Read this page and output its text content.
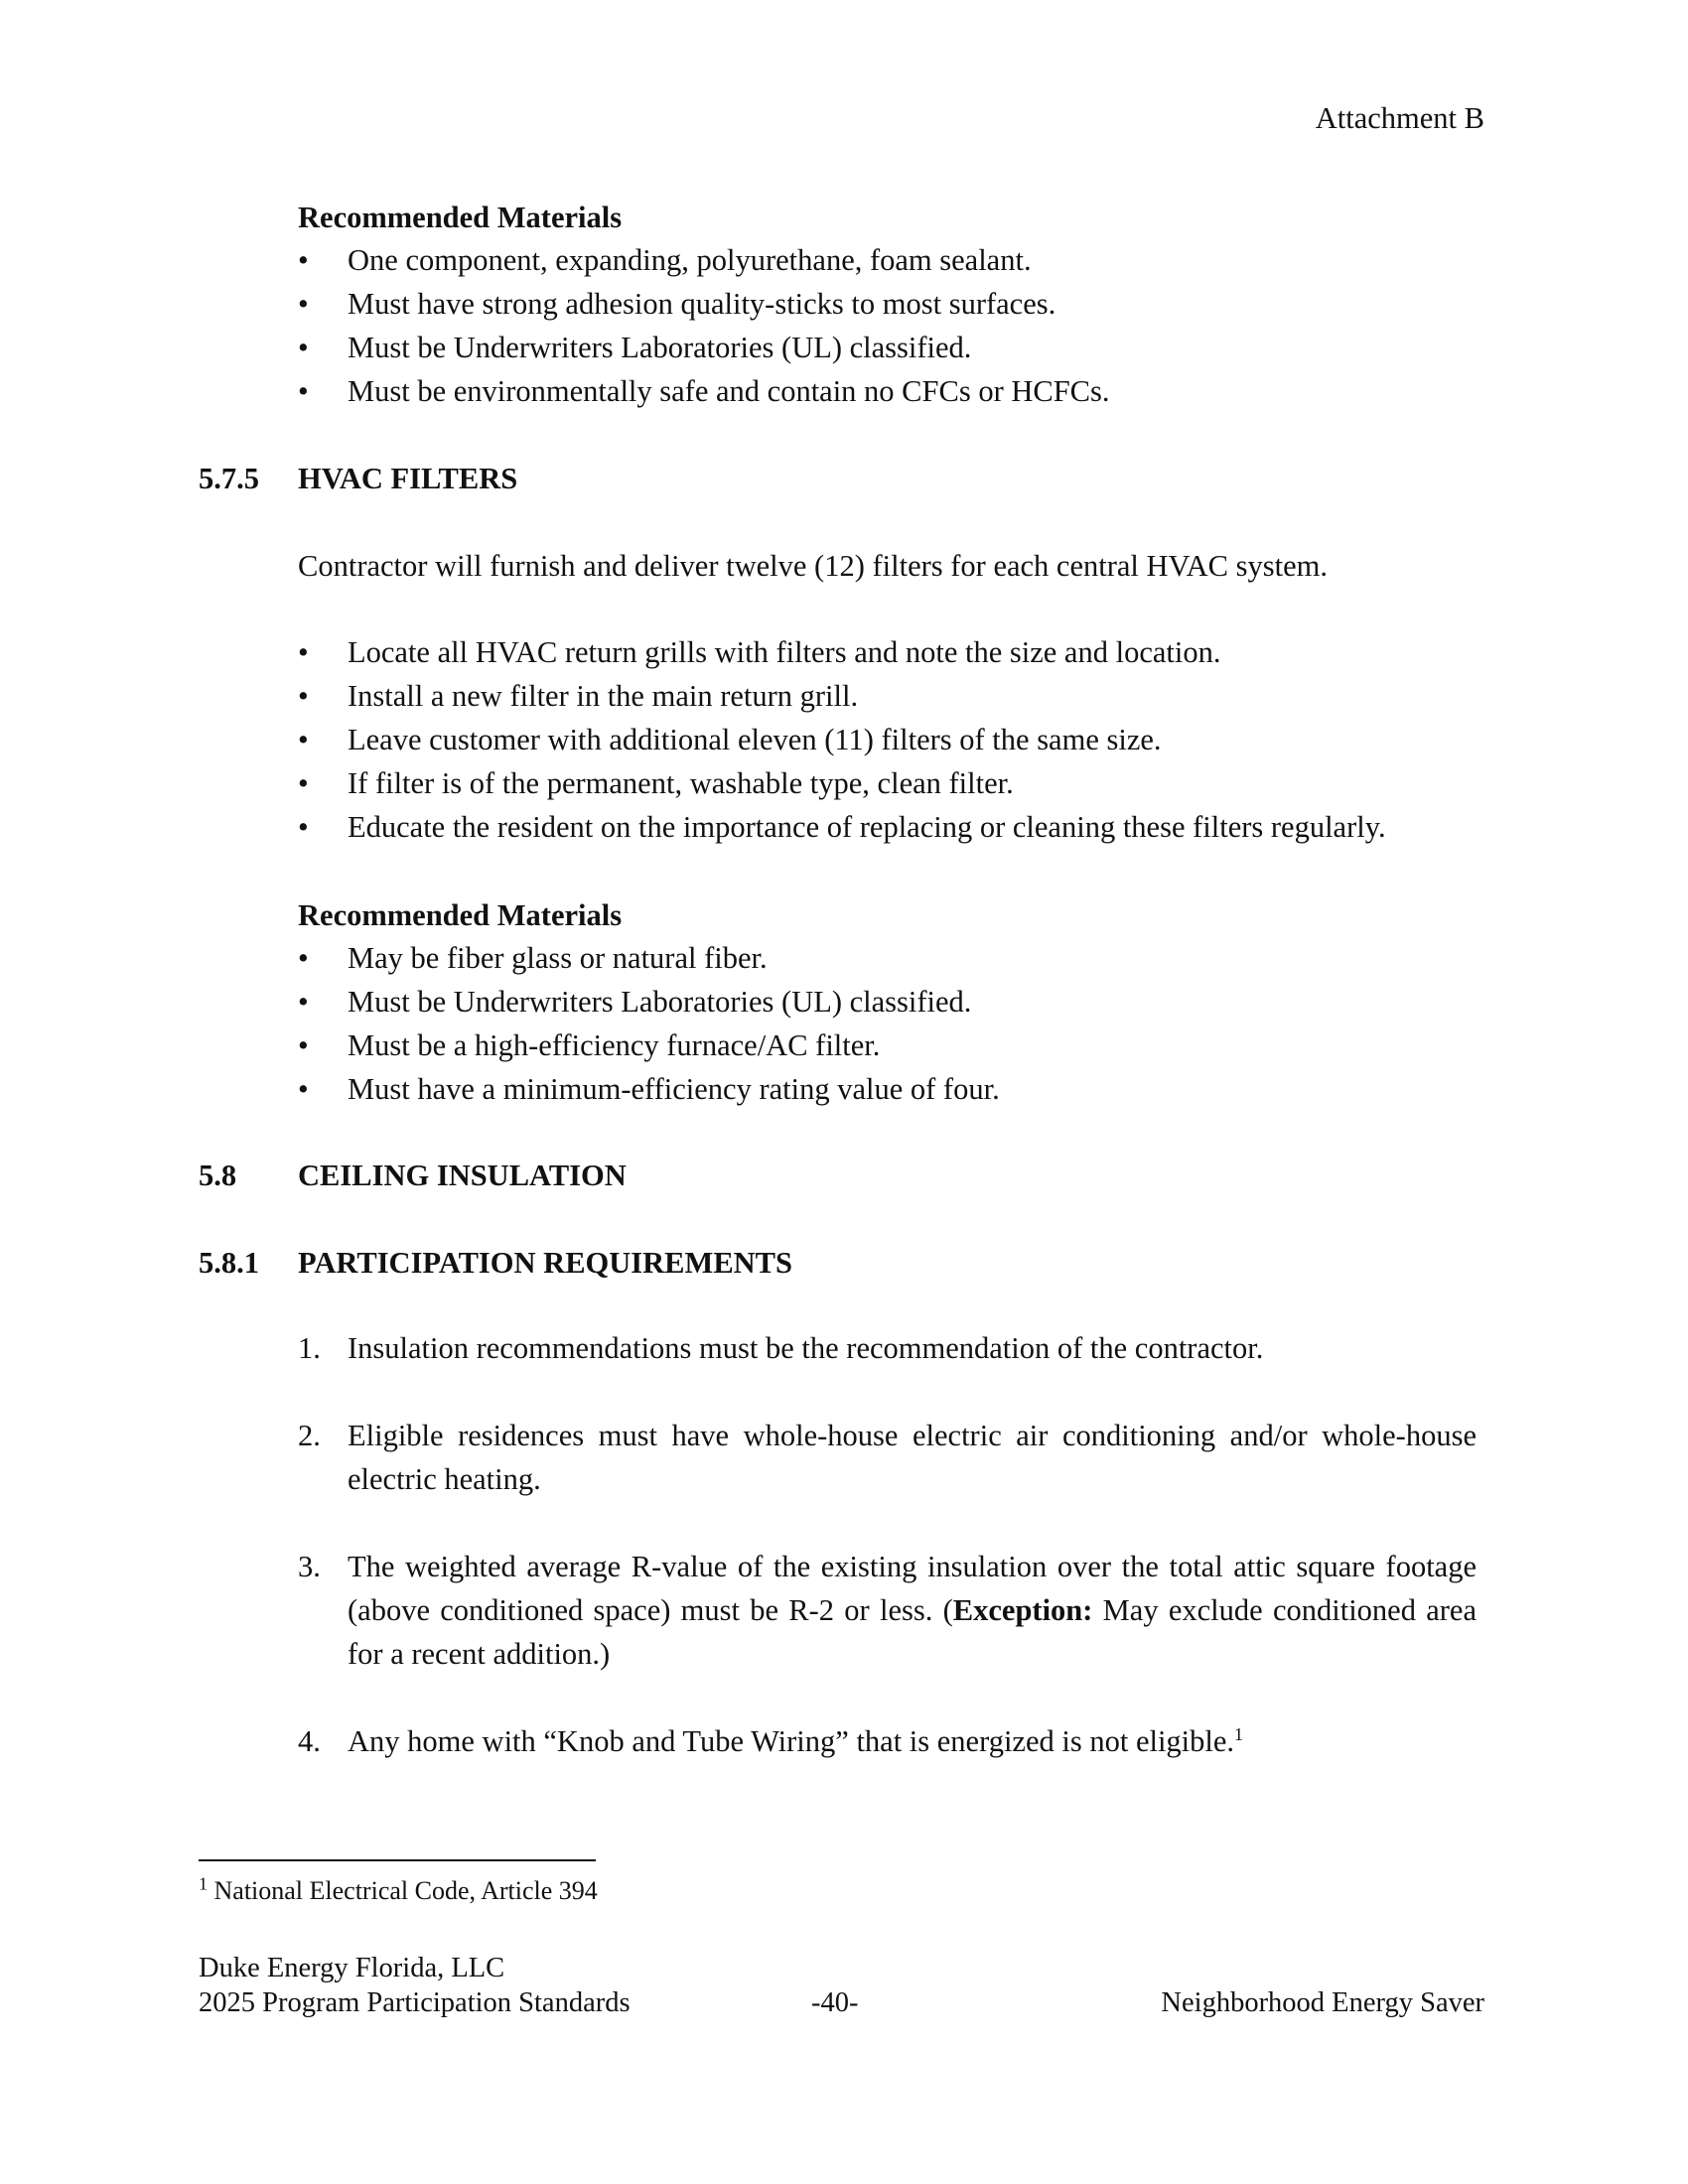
Attachment B
Recommended Materials
• One component, expanding, polyurethane, foam sealant.
• Must have strong adhesion quality-sticks to most surfaces.
• Must be Underwriters Laboratories (UL) classified.
• Must be environmentally safe and contain no CFCs or HCFCs.
5.7.5 HVAC FILTERS
Contractor will furnish and deliver twelve (12) filters for each central HVAC system.
• Locate all HVAC return grills with filters and note the size and location.
• Install a new filter in the main return grill.
• Leave customer with additional eleven (11) filters of the same size.
• If filter is of the permanent, washable type, clean filter.
• Educate the resident on the importance of replacing or cleaning these filters regularly.
Recommended Materials
• May be fiber glass or natural fiber.
• Must be Underwriters Laboratories (UL) classified.
• Must be a high-efficiency furnace/AC filter.
• Must have a minimum-efficiency rating value of four.
5.8 CEILING INSULATION
5.8.1 PARTICIPATION REQUIREMENTS
1. Insulation recommendations must be the recommendation of the contractor.
2. Eligible residences must have whole-house electric air conditioning and/or whole-house electric heating.
3. The weighted average R-value of the existing insulation over the total attic square footage (above conditioned space) must be R-2 or less. (Exception: May exclude conditioned area for a recent addition.)
4. Any home with “Knob and Tube Wiring” that is energized is not eligible.$^1$
$^1$ National Electrical Code, Article 394
Duke Energy Florida, LLC
2025 Program Participation Standards	-40-	Neighborhood Energy Saver
